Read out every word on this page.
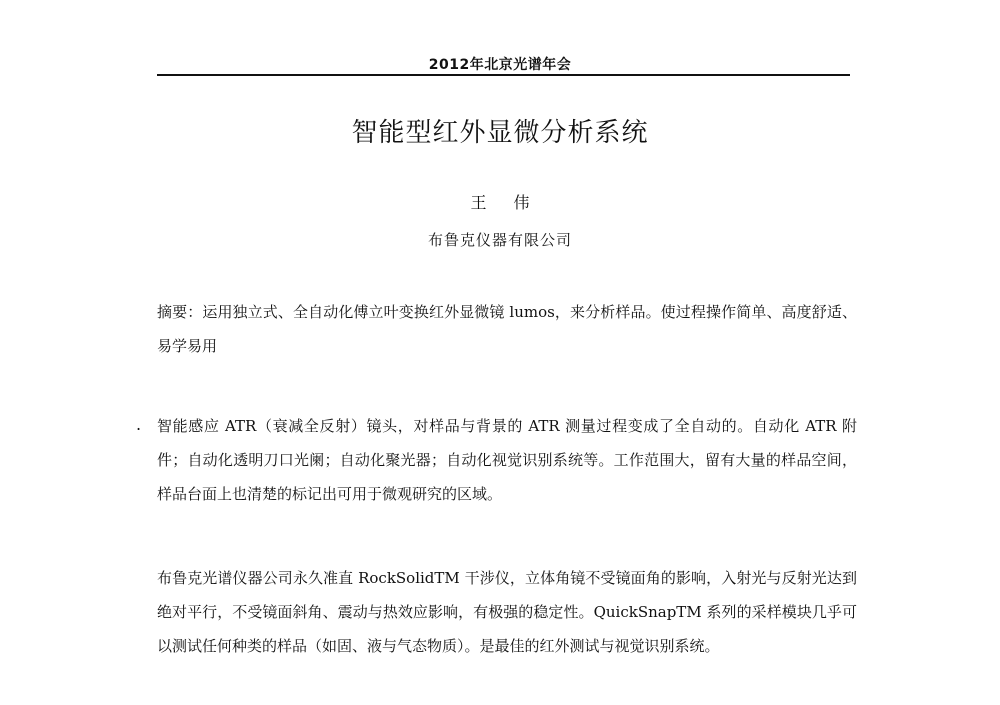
2012年北京光谱年会
智能型红外显微分析系统
王 伟
布鲁克仪器有限公司
摘要：运用独立式、全自动化傅立叶变换红外显微镜 lumos，来分析样品。使过程操作简单、高度舒适、易学易用
. 智能感应 ATR（衰减全反射）镜头，对样品与背景的 ATR 测量过程变成了全自动的。自动化 ATR 附件；自动化透明刀口光阑；自动化聚光器；自动化视觉识别系统等。工作范围大，留有大量的样品空间，样品台面上也清楚的标记出可用于微观研究的区域。
布鲁克光谱仪器公司永久准直 RockSolidTM 干涉仪，立体角镜不受镜面角的影响，入射光与反射光达到绝对平行，不受镜面斜角、震动与热效应影响，有极强的稳定性。QuickSnapTM 系列的采样模块几乎可以测试任何种类的样品（如固、液与气态物质）。是最佳的红外测试与视觉识别系统。
